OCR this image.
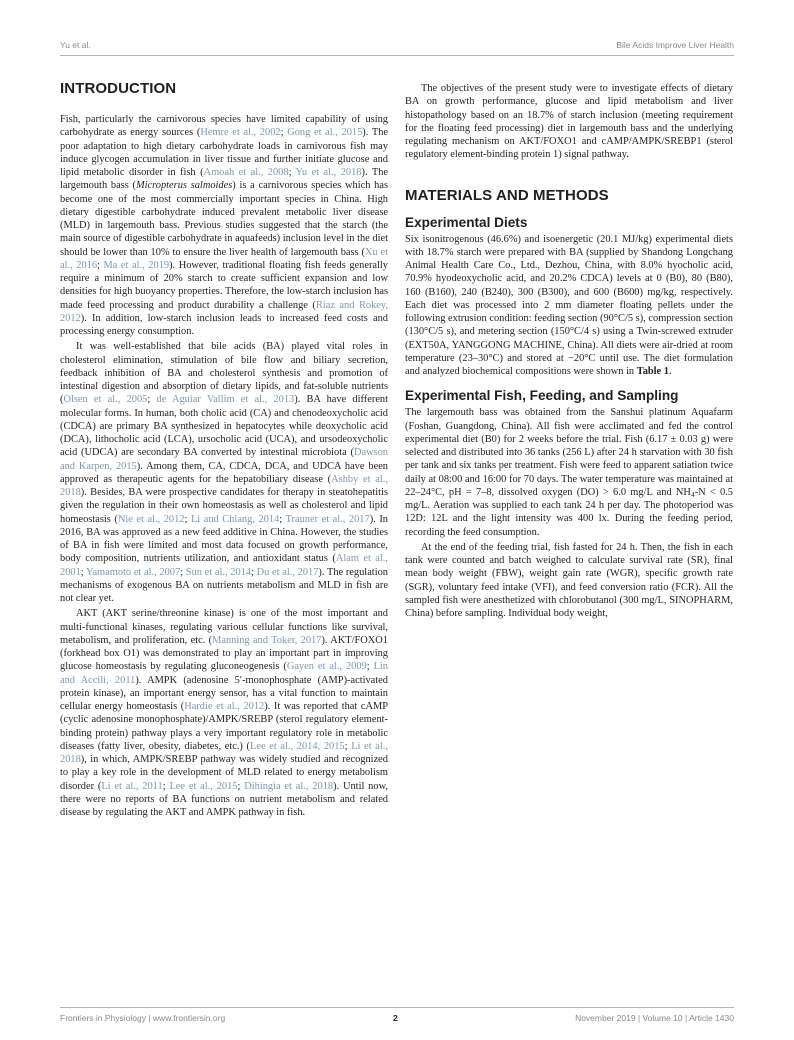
Yu et al.	Bile Acids Improve Liver Health
INTRODUCTION
Fish, particularly the carnivorous species have limited capability of using carbohydrate as energy sources (Hemre et al., 2002; Gong et al., 2015). The poor adaptation to high dietary carbohydrate loads in carnivorous fish may induce glycogen accumulation in liver tissue and further initiate glucose and lipid metabolic disorder in fish (Amoah et al., 2008; Yu et al., 2018). The largemouth bass (Micropterus salmoides) is a carnivorous species which has become one of the most commercially important species in China. High dietary digestible carbohydrate induced prevalent metabolic liver disease (MLD) in largemouth bass. Previous studies suggested that the starch (the main source of digestible carbohydrate in aquafeeds) inclusion level in the diet should be lower than 10% to ensure the liver health of largemouth bass (Xu et al., 2016; Ma et al., 2019). However, traditional floating fish feeds generally require a minimum of 20% starch to create sufficient expansion and low densities for high buoyancy properties. Therefore, the low-starch inclusion has made feed processing and product durability a challenge (Riaz and Rokey, 2012). In addition, low-starch inclusion leads to increased feed costs and processing energy consumption.
It was well-established that bile acids (BA) played vital roles in cholesterol elimination, stimulation of bile flow and biliary secretion, feedback inhibition of BA and cholesterol synthesis and promotion of intestinal digestion and absorption of dietary lipids, and fat-soluble nutrients (Olsen et al., 2005; de Aguiar Vallim et al., 2013). BA have different molecular forms. In human, both cholic acid (CA) and chenodeoxycholic acid (CDCA) are primary BA synthesized in hepatocytes while deoxycholic acid (DCA), lithocholic acid (LCA), ursocholic acid (UCA), and ursodeoxycholic acid (UDCA) are secondary BA converted by intestinal microbiota (Dawson and Karpen, 2015). Among them, CA, CDCA, DCA, and UDCA have been approved as therapeutic agents for the hepatobiliary disease (Ashby et al., 2018). Besides, BA were prospective candidates for therapy in steatohepatitis given the regulation in their own homeostasis as well as cholesterol and lipid homeostasis (Nie et al., 2012; Li and Chiang, 2014; Trauner et al., 2017). In 2016, BA was approved as a new feed additive in China. However, the studies of BA in fish were limited and most data focused on growth performance, body composition, nutrients utilization, and antioxidant status (Alam et al., 2001; Yamamoto et al., 2007; Sun et al., 2014; Du et al., 2017). The regulation mechanisms of exogenous BA on nutrients metabolism and MLD in fish are not clear yet.
AKT (AKT serine/threonine kinase) is one of the most important and multi-functional kinases, regulating various cellular functions like survival, metabolism, and proliferation, etc. (Manning and Toker, 2017). AKT/FOXO1 (forkhead box O1) was demonstrated to play an important part in improving glucose homeostasis by regulating gluconeogenesis (Gayen et al., 2009; Lin and Accili, 2011). AMPK (adenosine 5′-monophosphate (AMP)-activated protein kinase), an important energy sensor, has a vital function to maintain cellular energy homeostasis (Hardie et al., 2012). It was reported that cAMP (cyclic adenosine monophosphate)/AMPK/SREBP (sterol regulatory element-binding protein) pathway plays a very important regulatory role in metabolic diseases (fatty liver, obesity, diabetes, etc.) (Lee et al., 2014, 2015; Li et al., 2018), in which, AMPK/SREBP pathway was widely studied and recognized to play a key role in the development of MLD related to energy metabolism disorder (Li et al., 2011; Lee et al., 2015; Dihingia et al., 2018). Until now, there were no reports of BA functions on nutrient metabolism and related disease by regulating the AKT and AMPK pathway in fish.
The objectives of the present study were to investigate effects of dietary BA on growth performance, glucose and lipid metabolism and liver histopathology based on an 18.7% of starch inclusion (meeting requirement for the floating feed processing) diet in largemouth bass and the underlying regulating mechanism on AKT/FOXO1 and cAMP/AMPK/SREBP1 (sterol regulatory element-binding protein 1) signal pathway.
MATERIALS AND METHODS
Experimental Diets
Six isonitrogenous (46.6%) and isoenergetic (20.1 MJ/kg) experimental diets with 18.7% starch were prepared with BA (supplied by Shandong Longchang Animal Health Care Co., Ltd., Dezhou, China, with 8.0% hyocholic acid, 70.9% hyodeoxycholic acid, and 20.2% CDCA) levels at 0 (B0), 80 (B80), 160 (B160), 240 (B240), 300 (B300), and 600 (B600) mg/kg, respectively. Each diet was processed into 2 mm diameter floating pellets under the following extrusion condition: feeding section (90°C/5 s), compression section (130°C/5 s), and metering section (150°C/4 s) using a Twin-screwed extruder (EXT50A, YANGGONG MACHINE, China). All diets were air-dried at room temperature (23–30°C) and stored at −20°C until use. The diet formulation and analyzed biochemical compositions were shown in Table 1.
Experimental Fish, Feeding, and Sampling
The largemouth bass was obtained from the Sanshui platinum Aquafarm (Foshan, Guangdong, China). All fish were acclimated and fed the control experimental diet (B0) for 2 weeks before the trial. Fish (6.17 ± 0.03 g) were selected and distributed into 36 tanks (256 L) after 24 h starvation with 30 fish per tank and six tanks per treatment. Fish were feed to apparent satiation twice daily at 08:00 and 16:00 for 70 days. The water temperature was maintained at 22–24°C, pH = 7–8, dissolved oxygen (DO) > 6.0 mg/L and $NH_4-N < 0.5$ mg/L. Aeration was supplied to each tank 24 h per day. The photoperiod was 12D: 12L and the light intensity was 400 lx. During the feeding period, recording the feed consumption.
At the end of the feeding trial, fish fasted for 24 h. Then, the fish in each tank were counted and batch weighed to calculate survival rate (SR), final mean body weight (FBW), weight gain rate (WGR), specific growth rate (SGR), voluntary feed intake (VFI), and feed conversion ratio (FCR). All the sampled fish were anesthetized with chlorobutanol (300 mg/L, SINOPHARM, China) before sampling. Individual body weight,
Frontiers in Physiology | www.frontiersin.org	2	November 2019 | Volume 10 | Article 1430
